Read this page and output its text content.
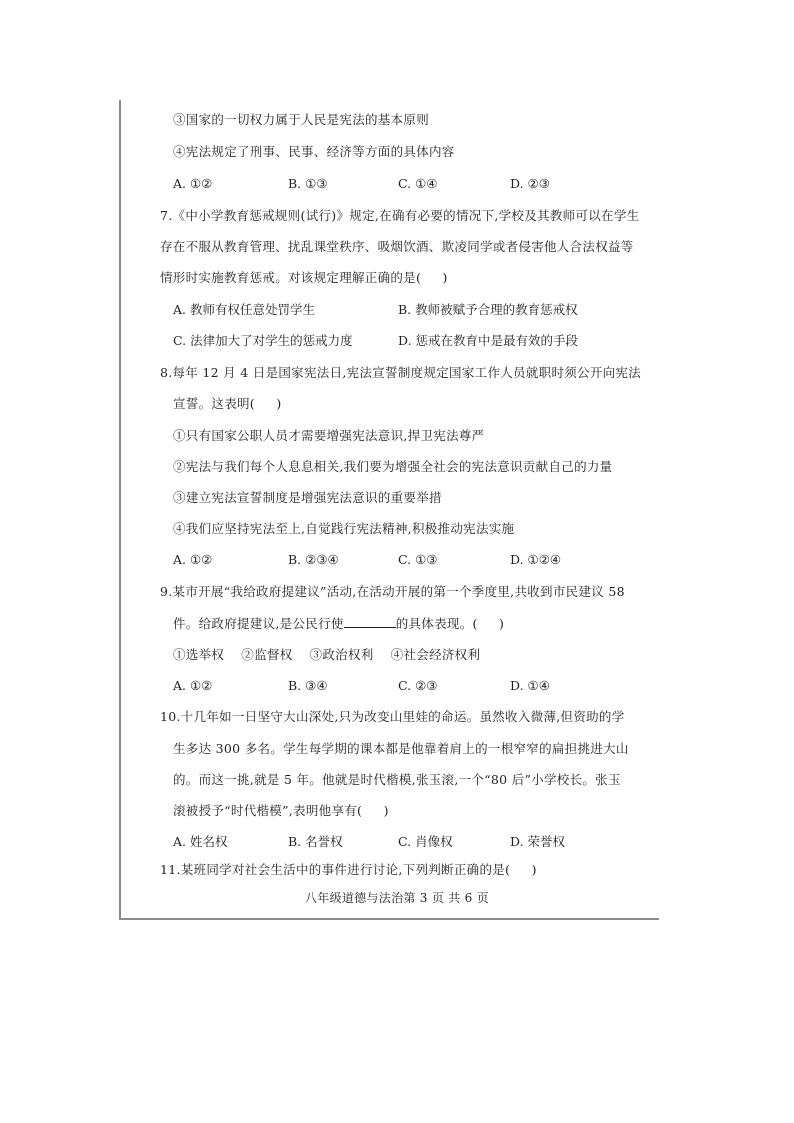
③国家的一切权力属于人民是宪法的基本原则
④宪法规定了刑事、民事、经济等方面的具体内容
A. ①②	B. ①③	C. ①④	D. ②③
7.《中小学教育惩戒规则(试行)》规定,在确有必要的情况下,学校及其教师可以在学生
存在不服从教育管理、扰乱课堂秩序、吸烟饮酒、欺凌同学或者侵害他人合法权益等
情形时实施教育惩戒。对该规定理解正确的是(     )
A. 教师有权任意处罚学生	B. 教师被赋予合理的教育惩戒权
C. 法律加大了对学生的惩戒力度	D. 惩戒在教育中是最有效的手段
8.每年 12 月 4 日是国家宪法日,宪法宣誓制度规定国家工作人员就职时须公开向宪法
宣誓。这表明(     )
①只有国家公职人员才需要增强宪法意识,捍卫宪法尊严
②宪法与我们每个人息息相关,我们要为增强全社会的宪法意识贡献自己的力量
③建立宪法宣誓制度是增强宪法意识的重要举措
④我们应坚持宪法至上,自觉践行宪法精神,积极推动宪法实施
A. ①②	B. ②③④	C. ①③	D. ①②④
9.某市开展“我给政府提建议”活动,在活动开展的第一个季度里,共收到市民建议 58
件。给政府提建议,是公民行使	的具体表现。(     )
①选举权    ②监督权    ③政治权利    ④社会经济权利
A. ①②	B. ③④	C. ②③	D. ①④
10.十几年如一日坚守大山深处,只为改变山里娃的命运。虽然收入微薄,但资助的学
生多达 300 多名。学生每学期的课本都是他靠着肩上的一根窄窄的扁担挑进大山
的。而这一挑,就是 5 年。他就是时代楷模,张玉滚,一个“80 后”小学校长。张玉
滚被授予“时代楷模”,表明他享有(     )
A. 姓名权	B. 名誉权	C. 肖像权	D. 荣誉权
11.某班同学对社会生活中的事件进行讨论,下列判断正确的是(     )
八年级道德与法治第 3 页 共 6 页
